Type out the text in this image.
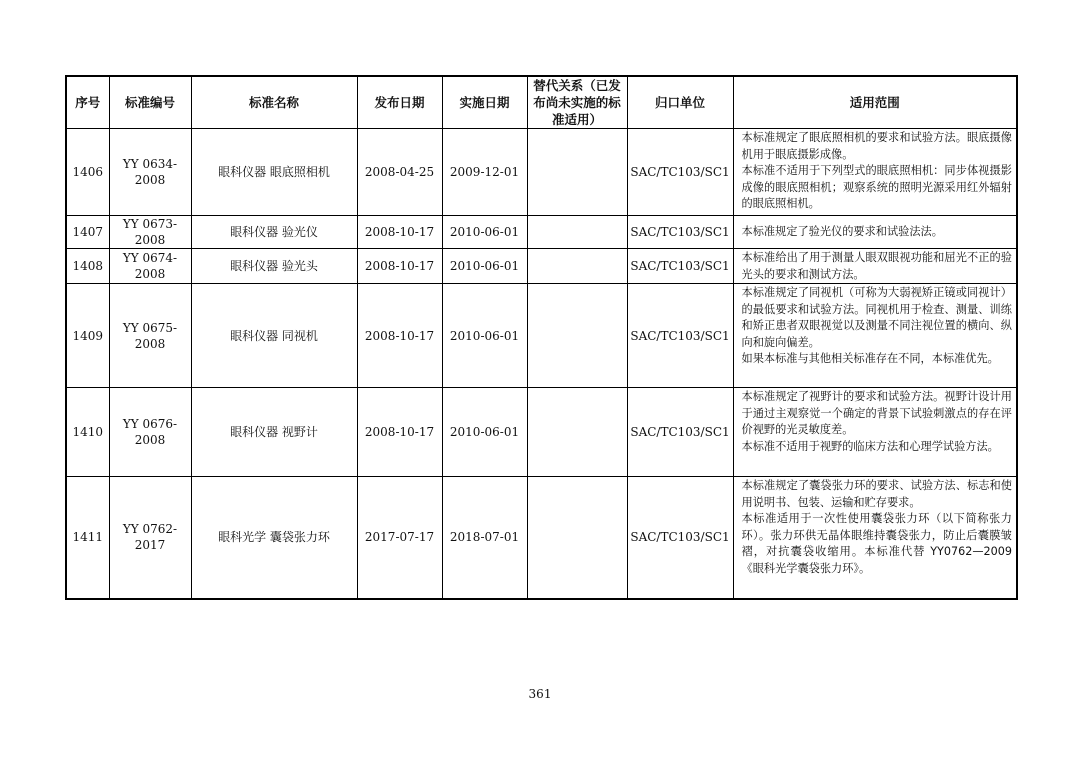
序号	标准编号	标准名称	发布日期	实施日期	替代关系（已发布尚未实施的标准适用）	归口单位	适用范围
1406	YY 0634-2008	眼科仪器 眼底照相机	2008-04-25	2009-12-01		SAC/TC103/SC1	本标准规定了眼底照相机的要求和试验方法。眼底摄像机用于眼底摄影成像。

本标准不适用于下列型式的眼底照相机：同步体视摄影成像的眼底照相机；观察系统的照明光源采用红外辐射的眼底照相机。

1407	YY 0673-2008	眼科仪器 验光仪	2008-10-17	2010-06-01		SAC/TC103/SC1	本标准规定了验光仪的要求和试验法法。

1408	YY 0674-2008	眼科仪器 验光头	2008-10-17	2010-06-01		SAC/TC103/SC1	本标准给出了用于测量人眼双眼视功能和屈光不正的验光头的要求和测试方法。

1409	YY 0675-2008	眼科仪器 同视机	2008-10-17	2010-06-01		SAC/TC103/SC1	本标准规定了同视机（可称为大弱视矫正镜或同视计）的最低要求和试验方法。同视机用于检查、测量、训练和矫正患者双眼视觉以及测量不同注视位置的横向、纵向和旋向偏差。

如果本标准与其他相关标准存在不同，本标准优先。

1410	YY 0676-2008	眼科仪器 视野计	2008-10-17	2010-06-01		SAC/TC103/SC1	本标准规定了视野计的要求和试验方法。视野计设计用于通过主观察觉一个确定的背景下试验刺激点的存在评价视野的光灵敏度差。

本标准不适用于视野的临床方法和心理学试验方法。

1411	YY 0762-2017	眼科光学 囊袋张力环	2017-07-17	2018-07-01		SAC/TC103/SC1	本标准规定了囊袋张力环的要求、试验方法、标志和使用说明书、包装、运输和贮存要求。

本标准适用于一次性使用囊袋张力环（以下简称张力环）。张力环供无晶体眼维持囊袋张力，防止后囊膜皱褶，对抗囊袋收缩用。本标准代替 YY0762—2009《眼科光学囊袋张力环》。

361
